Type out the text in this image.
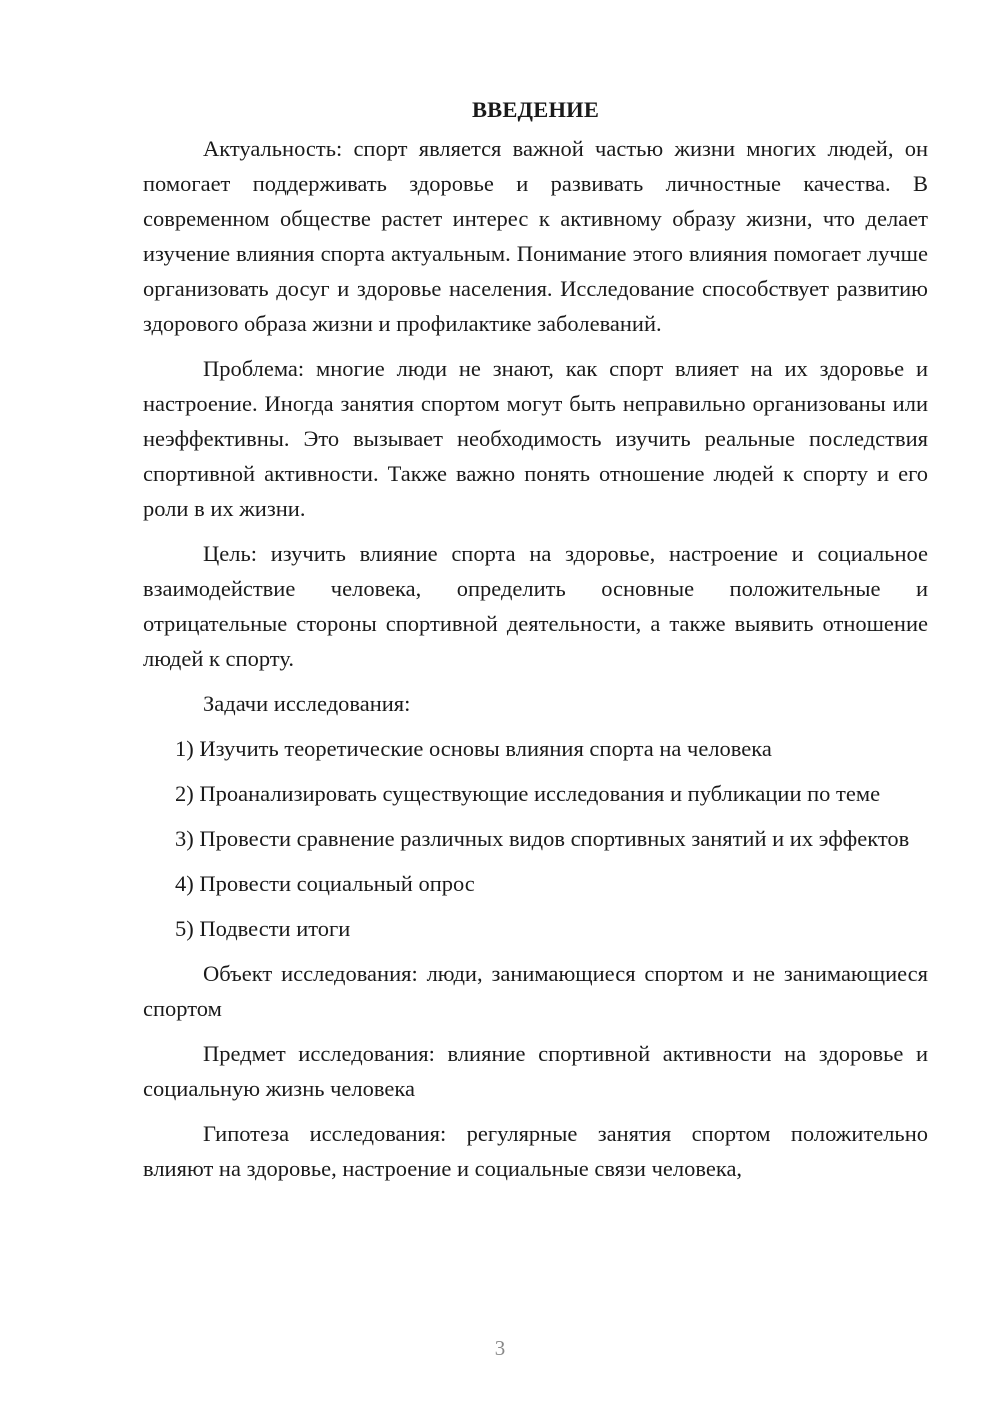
ВВЕДЕНИЕ

Актуальность: спорт является важной частью жизни многих людей, он помогает поддерживать здоровье и развивать личностные качества. В современном обществе растет интерес к активному образу жизни, что делает изучение влияния спорта актуальным. Понимание этого влияния помогает лучше организовать досуг и здоровье населения. Исследование способствует развитию здорового образа жизни и профилактике заболеваний.

Проблема: многие люди не знают, как спорт влияет на их здоровье и настроение. Иногда занятия спортом могут быть неправильно организованы или неэффективны. Это вызывает необходимость изучить реальные последствия спортивной активности. Также важно понять отношение людей к спорту и его роли в их жизни.

Цель: изучить влияние спорта на здоровье, настроение и социальное взаимодействие человека, определить основные положительные и отрицательные стороны спортивной деятельности, а также выявить отношение людей к спорту.

Задачи исследования:

1) Изучить теоретические основы влияния спорта на человека

2) Проанализировать существующие исследования и публикации по теме

3) Провести сравнение различных видов спортивных занятий и их эффектов

4) Провести социальный опрос

5) Подвести итоги

Объект исследования: люди, занимающиеся спортом и не занимающиеся спортом

Предмет исследования: влияние спортивной активности на здоровье и социальную жизнь человека

Гипотеза исследования: регулярные занятия спортом положительно влияют на здоровье, настроение и социальные связи человека,

3
